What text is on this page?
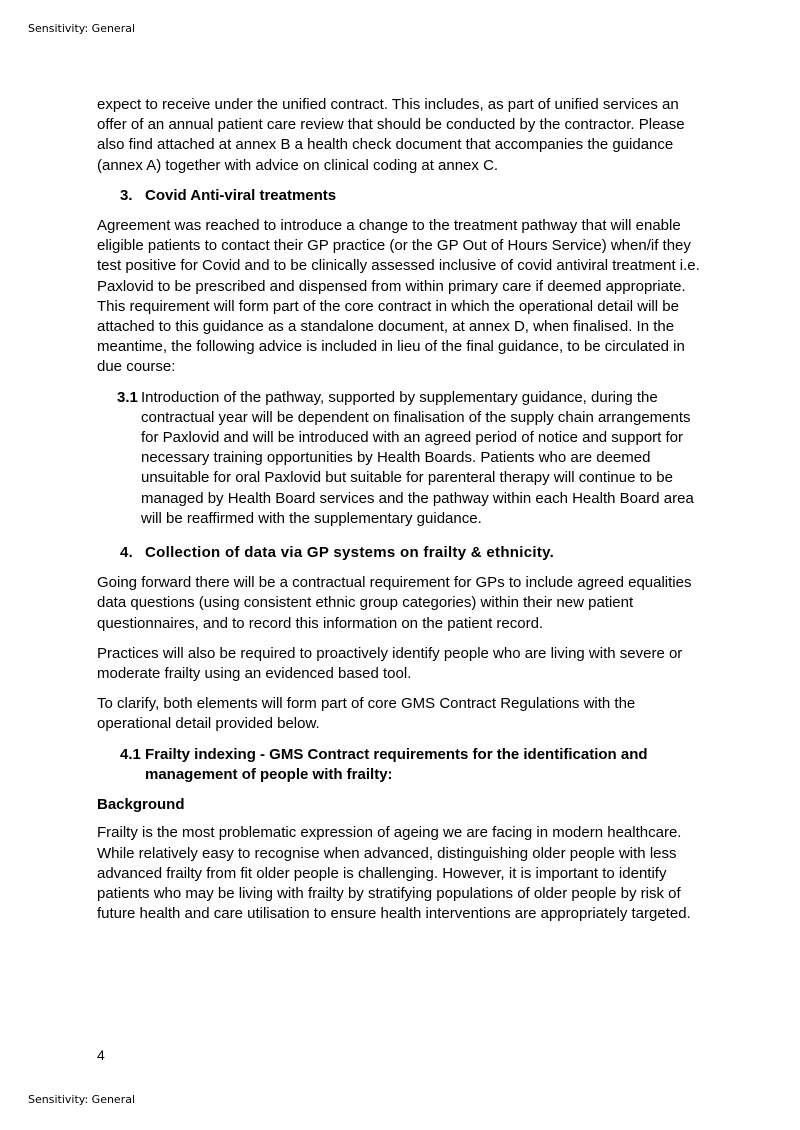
Sensitivity: General

expect to receive under the unified contract. This includes, as part of unified services an offer of an annual patient care review that should be conducted by the contractor. Please also find attached at annex B a health check document that accompanies the guidance (annex A) together with advice on clinical coding at annex C.

3. Covid Anti-viral treatments

Agreement was reached to introduce a change to the treatment pathway that will enable eligible patients to contact their GP practice (or the GP Out of Hours Service) when/if they test positive for Covid and to be clinically assessed inclusive of covid antiviral treatment i.e. Paxlovid to be prescribed and dispensed from within primary care if deemed appropriate. This requirement will form part of the core contract in which the operational detail will be attached to this guidance as a standalone document, at annex D, when finalised. In the meantime, the following advice is included in lieu of the final guidance, to be circulated in due course:

3.1 Introduction of the pathway, supported by supplementary guidance, during the contractual year will be dependent on finalisation of the supply chain arrangements for Paxlovid and will be introduced with an agreed period of notice and support for necessary training opportunities by Health Boards. Patients who are deemed unsuitable for oral Paxlovid but suitable for parenteral therapy will continue to be managed by Health Board services and the pathway within each Health Board area will be reaffirmed with the supplementary guidance.
4. Collection of data via GP systems on frailty & ethnicity.

Going forward there will be a contractual requirement for GPs to include agreed equalities data questions (using consistent ethnic group categories) within their new patient questionnaires, and to record this information on the patient record.

Practices will also be required to proactively identify people who are living with severe or moderate frailty using an evidenced based tool.

To clarify, both elements will form part of core GMS Contract Regulations with the operational detail provided below.

4.1 Frailty indexing - GMS Contract requirements for the identification and management of people with frailty:
Background

Frailty is the most problematic expression of ageing we are facing in modern healthcare. While relatively easy to recognise when advanced, distinguishing older people with less advanced frailty from fit older people is challenging. However, it is important to identify patients who may be living with frailty by stratifying populations of older people by risk of future health and care utilisation to ensure health interventions are appropriately targeted.

4
Sensitivity: General
